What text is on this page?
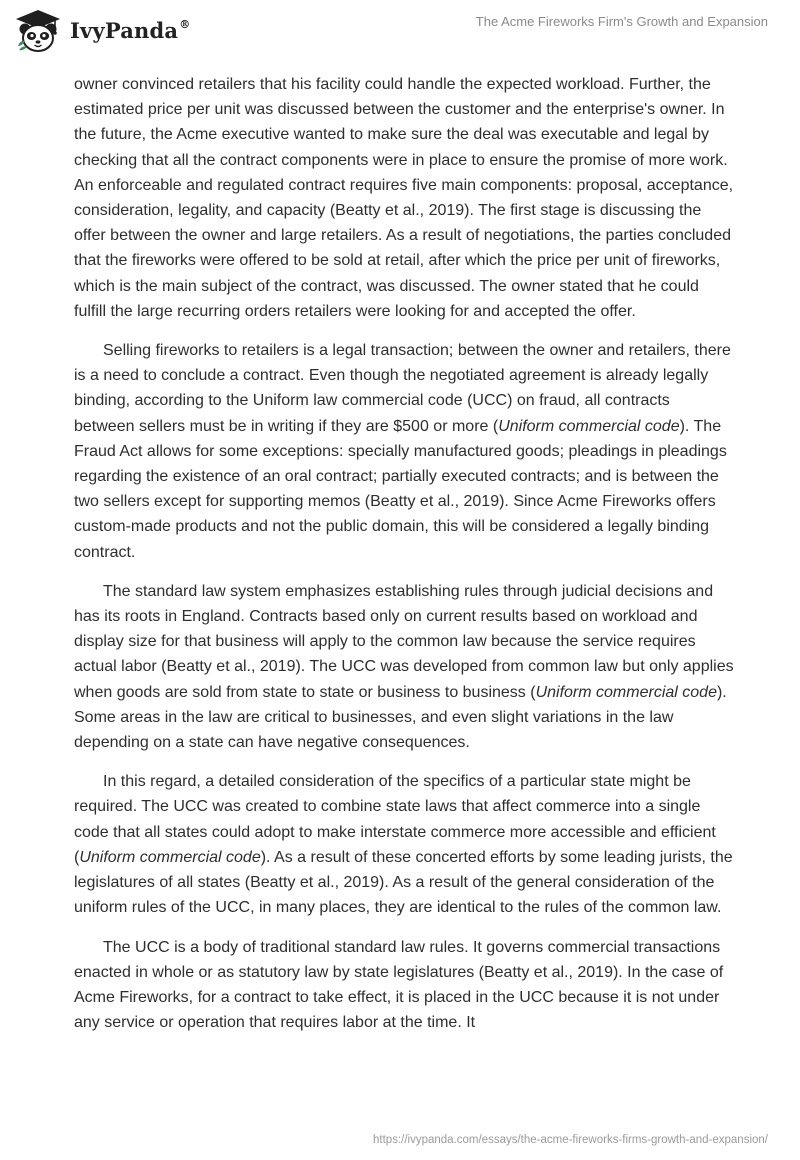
IvyPanda®	The Acme Fireworks Firm's Growth and Expansion

owner convinced retailers that his facility could handle the expected workload. Further, the estimated price per unit was discussed between the customer and the enterprise's owner. In the future, the Acme executive wanted to make sure the deal was executable and legal by checking that all the contract components were in place to ensure the promise of more work. An enforceable and regulated contract requires five main components: proposal, acceptance, consideration, legality, and capacity (Beatty et al., 2019). The first stage is discussing the offer between the owner and large retailers. As a result of negotiations, the parties concluded that the fireworks were offered to be sold at retail, after which the price per unit of fireworks, which is the main subject of the contract, was discussed. The owner stated that he could fulfill the large recurring orders retailers were looking for and accepted the offer.

Selling fireworks to retailers is a legal transaction; between the owner and retailers, there is a need to conclude a contract. Even though the negotiated agreement is already legally binding, according to the Uniform law commercial code (UCC) on fraud, all contracts between sellers must be in writing if they are $500 or more (Uniform commercial code). The Fraud Act allows for some exceptions: specially manufactured goods; pleadings in pleadings regarding the existence of an oral contract; partially executed contracts; and is between the two sellers except for supporting memos (Beatty et al., 2019). Since Acme Fireworks offers custom-made products and not the public domain, this will be considered a legally binding contract.

The standard law system emphasizes establishing rules through judicial decisions and has its roots in England. Contracts based only on current results based on workload and display size for that business will apply to the common law because the service requires actual labor (Beatty et al., 2019). The UCC was developed from common law but only applies when goods are sold from state to state or business to business (Uniform commercial code). Some areas in the law are critical to businesses, and even slight variations in the law depending on a state can have negative consequences.

In this regard, a detailed consideration of the specifics of a particular state might be required. The UCC was created to combine state laws that affect commerce into a single code that all states could adopt to make interstate commerce more accessible and efficient (Uniform commercial code). As a result of these concerted efforts by some leading jurists, the legislatures of all states (Beatty et al., 2019). As a result of the general consideration of the uniform rules of the UCC, in many places, they are identical to the rules of the common law.

The UCC is a body of traditional standard law rules. It governs commercial transactions enacted in whole or as statutory law by state legislatures (Beatty et al., 2019). In the case of Acme Fireworks, for a contract to take effect, it is placed in the UCC because it is not under any service or operation that requires labor at the time. It

https://ivypanda.com/essays/the-acme-fireworks-firms-growth-and-expansion/
